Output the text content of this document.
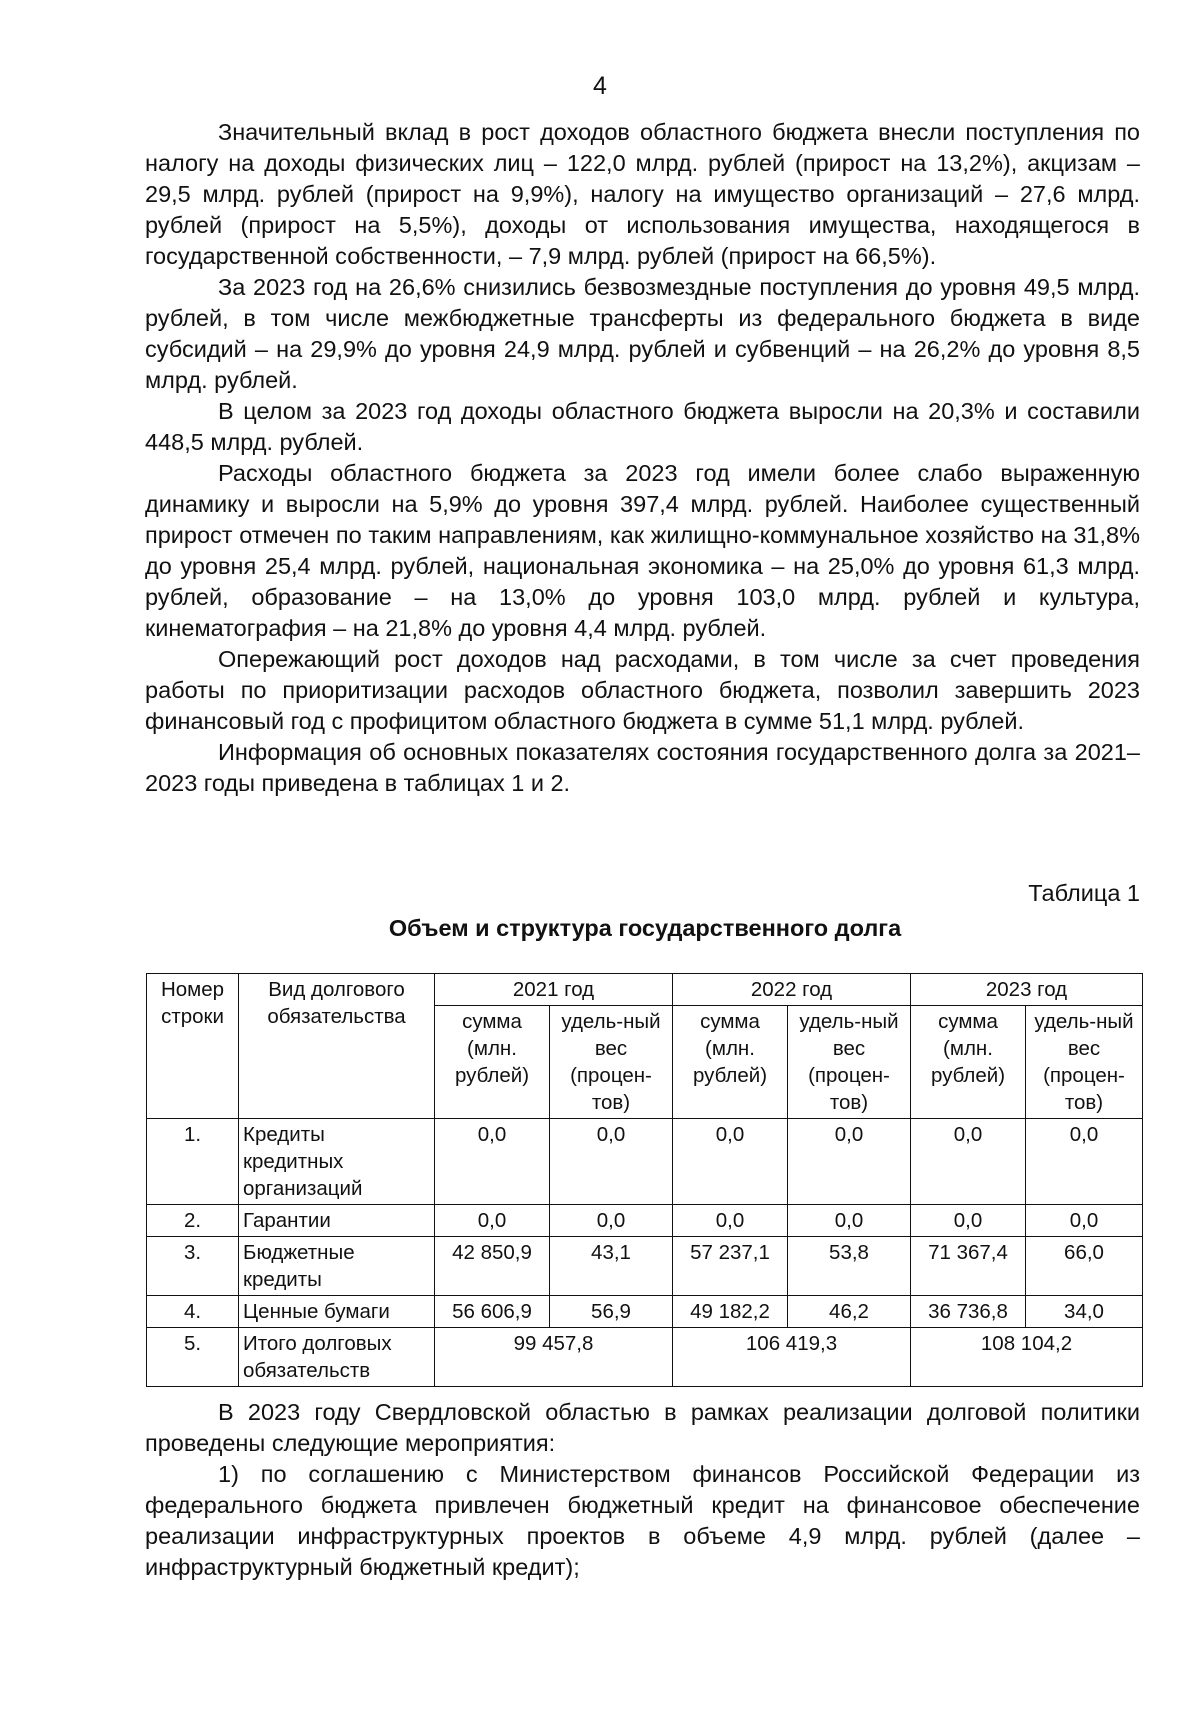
4

Значительный вклад в рост доходов областного бюджета внесли поступления по налогу на доходы физических лиц – 122,0 млрд. рублей (прирост на 13,2%), акцизам – 29,5 млрд. рублей (прирост на 9,9%), налогу на имущество организаций – 27,6 млрд. рублей (прирост на 5,5%), доходы от использования имущества, находящегося в государственной собственности, – 7,9 млрд. рублей (прирост на 66,5%).

За 2023 год на 26,6% снизились безвозмездные поступления до уровня 49,5 млрд. рублей, в том числе межбюджетные трансферты из федерального бюджета в виде субсидий – на 29,9% до уровня 24,9 млрд. рублей и субвенций – на 26,2% до уровня 8,5 млрд. рублей.

В целом за 2023 год доходы областного бюджета выросли на 20,3% и составили 448,5 млрд. рублей.

Расходы областного бюджета за 2023 год имели более слабо выраженную динамику и выросли на 5,9% до уровня 397,4 млрд. рублей. Наиболее существенный прирост отмечен по таким направлениям, как жилищно-коммунальное хозяйство на 31,8% до уровня 25,4 млрд. рублей, национальная экономика – на 25,0% до уровня 61,3 млрд. рублей, образование – на 13,0% до уровня 103,0 млрд. рублей и культура, кинематография – на 21,8% до уровня 4,4 млрд. рублей.

Опережающий рост доходов над расходами, в том числе за счет проведения работы по приоритизации расходов областного бюджета, позволил завершить 2023 финансовый год с профицитом областного бюджета в сумме 51,1 млрд. рублей.

Информация об основных показателях состояния государственного долга за 2021–2023 годы приведена в таблицах 1 и 2.

Таблица 1
Объем и структура государственного долга
Номер строки	Вид долгового обязательства	2021 год		2022 год		2023 год	
		сумма (млн. рублей)	удель-ный вес (процен-тов)	сумма (млн. рублей)	удель-ный вес (процен-тов)	сумма (млн. рублей)	удель-ный вес (процен-тов)
1.	Кредиты кредитных организаций	0,0	0,0	0,0	0,0	0,0	0,0
2.	Гарантии	0,0	0,0	0,0	0,0	0,0	0,0
3.	Бюджетные кредиты	42 850,9	43,1	57 237,1	53,8	71 367,4	66,0
4.	Ценные бумаги	56 606,9	56,9	49 182,2	46,2	36 736,8	34,0
5.	Итого долговых обязательств	99 457,8		106 419,3		108 104,2	

В 2023 году Свердловской областью в рамках реализации долговой политики проведены следующие мероприятия:

1) по соглашению с Министерством финансов Российской Федерации из федерального бюджета привлечен бюджетный кредит на финансовое обеспечение реализации инфраструктурных проектов в объеме 4,9 млрд. рублей (далее – инфраструктурный бюджетный кредит);
